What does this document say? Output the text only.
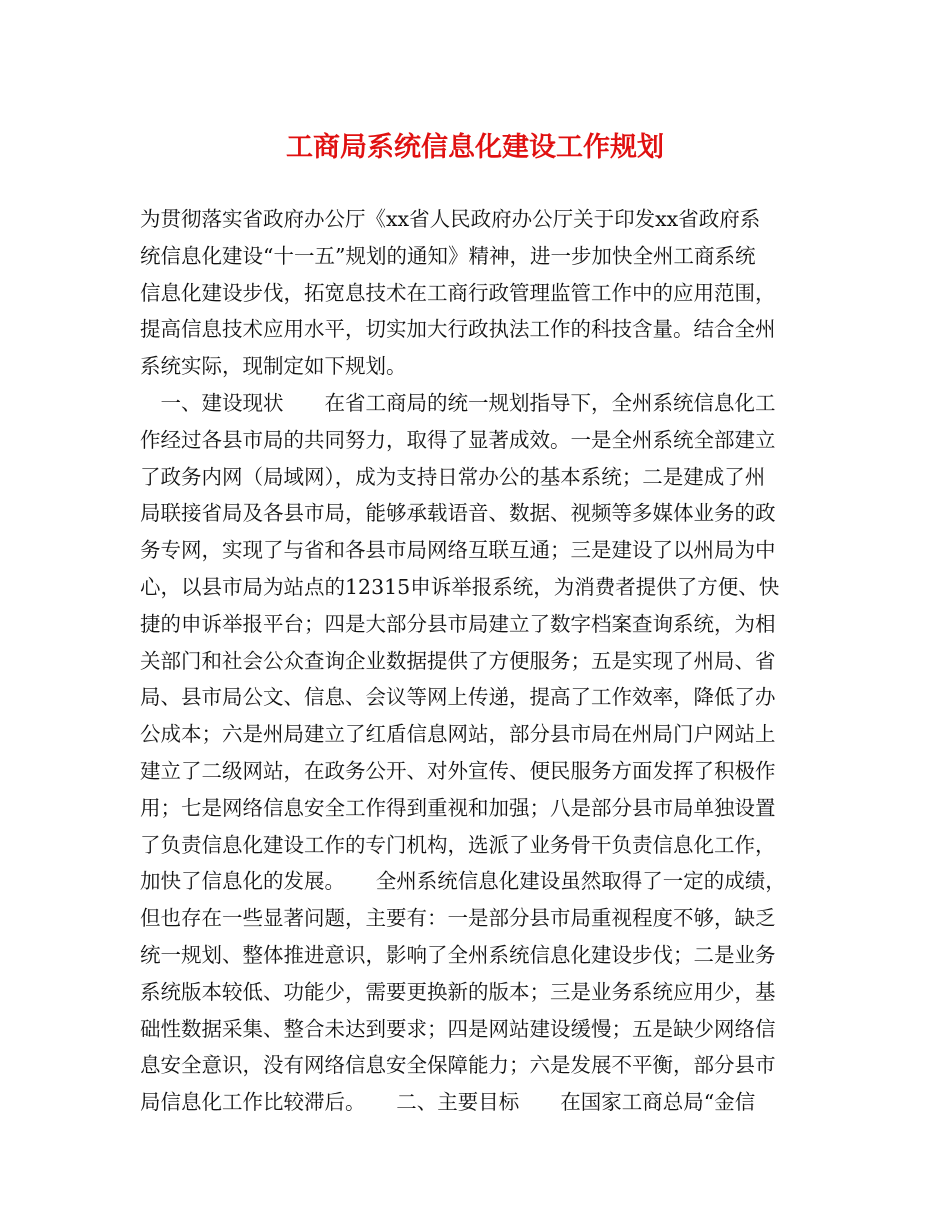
工商局系统信息化建设工作规划
为贯彻落实省政府办公厅《xx省人民政府办公厅关于印发xx省政府系
统信息化建设“十一五”规划的通知》精神，进一步加快全州工商系统
信息化建设步伐，拓宽息技术在工商行政管理监管工作中的应用范围，
提高信息技术应用水平，切实加大行政执法工作的科技含量。结合全州
系统实际，现制定如下规划。
　一、建设现状　　在省工商局的统一规划指导下，全州系统信息化工
作经过各县市局的共同努力，取得了显著成效。一是全州系统全部建立
了政务内网（局域网），成为支持日常办公的基本系统；二是建成了州
局联接省局及各县市局，能够承载语音、数据、视频等多媒体业务的政
务专网，实现了与省和各县市局网络互联互通；三是建设了以州局为中
心，以县市局为站点的12315申诉举报系统，为消费者提供了方便、快
捷的申诉举报平台；四是大部分县市局建立了数字档案查询系统，为相
关部门和社会公众查询企业数据提供了方便服务；五是实现了州局、省
局、县市局公文、信息、会议等网上传递，提高了工作效率，降低了办
公成本；六是州局建立了红盾信息网站，部分县市局在州局门户网站上
建立了二级网站，在政务公开、对外宣传、便民服务方面发挥了积极作
用；七是网络信息安全工作得到重视和加强；八是部分县市局单独设置
了负责信息化建设工作的专门机构，选派了业务骨干负责信息化工作，
加快了信息化的发展。　　全州系统信息化建设虽然取得了一定的成绩，
但也存在一些显著问题，主要有：一是部分县市局重视程度不够，缺乏
统一规划、整体推进意识，影响了全州系统信息化建设步伐；二是业务
系统版本较低、功能少，需要更换新的版本；三是业务系统应用少，基
础性数据采集、整合未达到要求；四是网站建设缓慢；五是缺少网络信
息安全意识，没有网络信息安全保障能力；六是发展不平衡，部分县市
局信息化工作比较滞后。　　二、主要目标　　在国家工商总局“金信
